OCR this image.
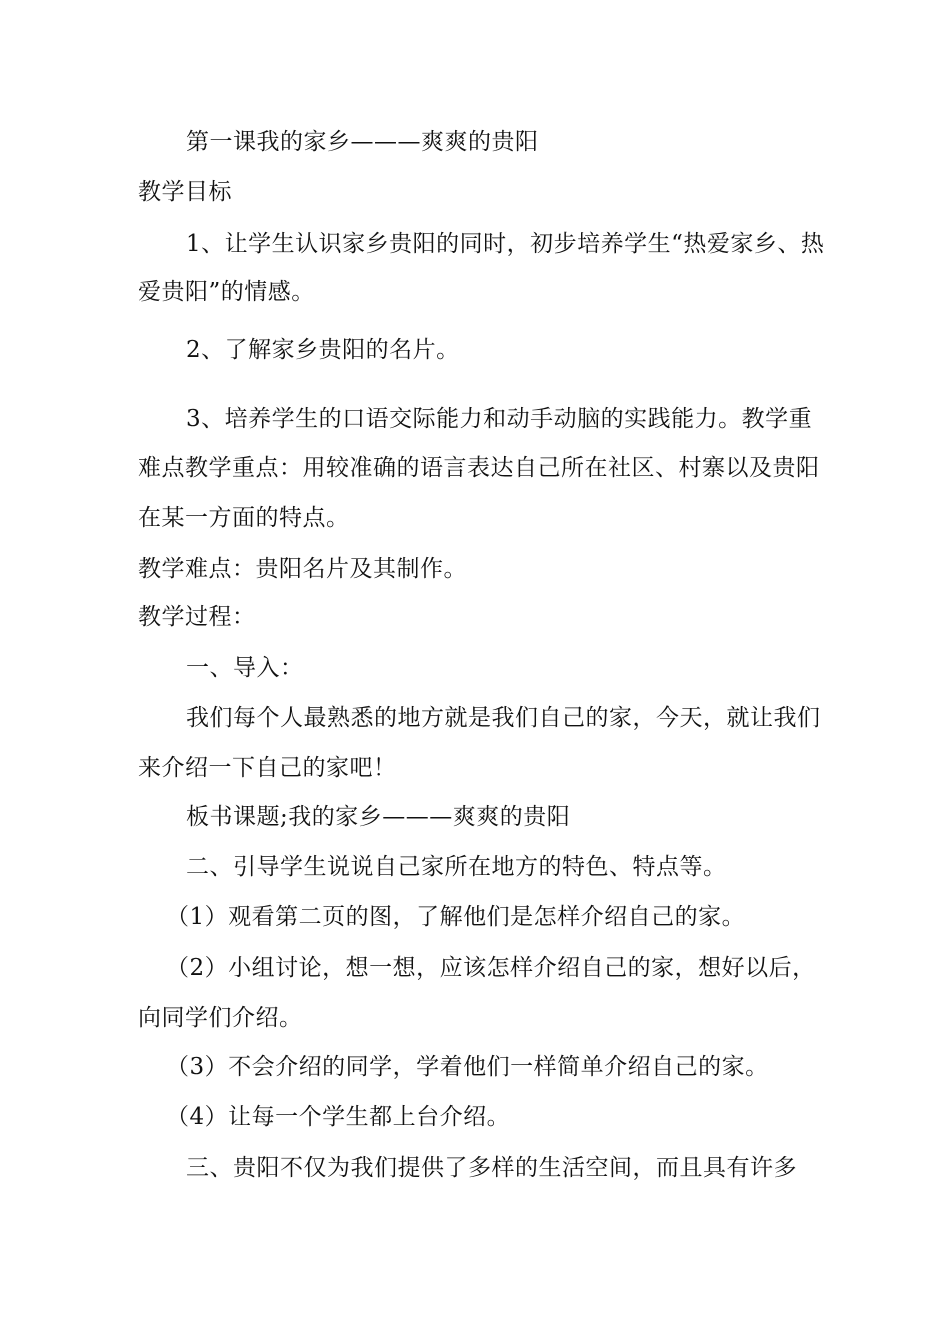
第一课我的家乡———爽爽的贵阳
教学目标
1、让学生认识家乡贵阳的同时，初步培养学生“热爱家乡、热
爱贵阳”的情感。
2、了解家乡贵阳的名片。
3、培养学生的口语交际能力和动手动脑的实践能力。教学重
难点教学重点：用较准确的语言表达自己所在社区、村寨以及贵阳
在某一方面的特点。
教学难点：贵阳名片及其制作。
教学过程：
一、导入：
我们每个人最熟悉的地方就是我们自己的家，今天，就让我们
来介绍一下自己的家吧！
板书课题;我的家乡———爽爽的贵阳
二、引导学生说说自己家所在地方的特色、特点等。
（1）观看第二页的图，了解他们是怎样介绍自己的家。
（2）小组讨论，想一想，应该怎样介绍自己的家，想好以后，
向同学们介绍。
（3）不会介绍的同学，学着他们一样简单介绍自己的家。
（4）让每一个学生都上台介绍。
三、贵阳不仅为我们提供了多样的生活空间，而且具有许多
